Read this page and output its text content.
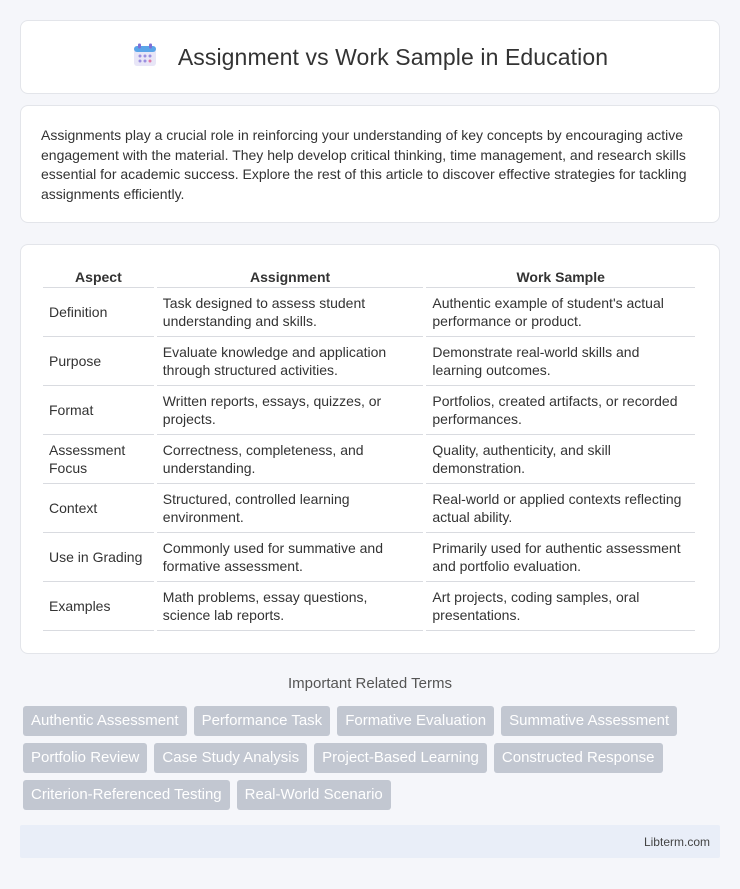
Assignment vs Work Sample in Education

Assignments play a crucial role in reinforcing your understanding of key concepts by encouraging active engagement with the material. They help develop critical thinking, time management, and research skills essential for academic success. Explore the rest of this article to discover effective strategies for tackling assignments efficiently.

Aspect	Assignment	Work Sample
Definition	Task designed to assess student understanding and skills.	Authentic example of student's actual performance or product.
Purpose	Evaluate knowledge and application through structured activities.	Demonstrate real-world skills and learning outcomes.
Format	Written reports, essays, quizzes, or projects.	Portfolios, created artifacts, or recorded performances.
Assessment Focus	Correctness, completeness, and understanding.	Quality, authenticity, and skill demonstration.
Context	Structured, controlled learning environment.	Real-world or applied contexts reflecting actual ability.
Use in Grading	Commonly used for summative and formative assessment.	Primarily used for authentic assessment and portfolio evaluation.
Examples	Math problems, essay questions, science lab reports.	Art projects, coding samples, oral presentations.
Important Related Terms
Authentic Assessment	Performance Task	Formative Evaluation	Summative Assessment
Portfolio Review	Case Study Analysis	Project-Based Learning	Constructed Response
Criterion-Referenced Testing	Real-World Scenario
Libterm.com
